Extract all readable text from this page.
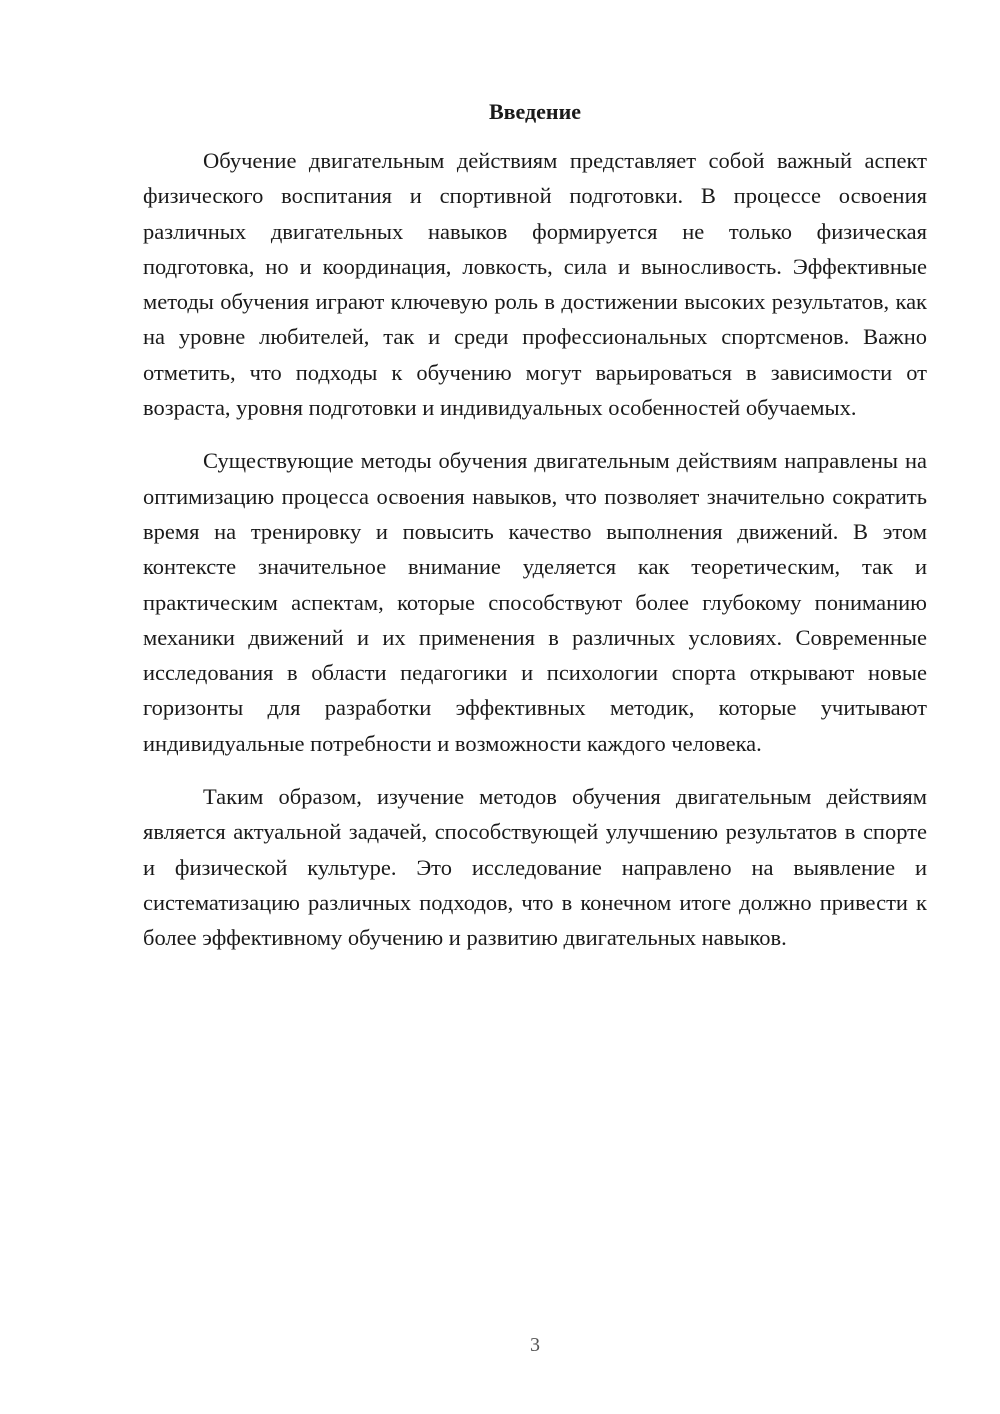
Введение

Обучение двигательным действиям представляет собой важный аспект физического воспитания и спортивной подготовки. В процессе освоения различных двигательных навыков формируется не только физическая подготовка, но и координация, ловкость, сила и выносливость. Эффективные методы обучения играют ключевую роль в достижении высоких результатов, как на уровне любителей, так и среди профессиональных спортсменов. Важно отметить, что подходы к обучению могут варьироваться в зависимости от возраста, уровня подготовки и индивидуальных особенностей обучаемых.

Существующие методы обучения двигательным действиям направлены на оптимизацию процесса освоения навыков, что позволяет значительно сократить время на тренировку и повысить качество выполнения движений. В этом контексте значительное внимание уделяется как теоретическим, так и практическим аспектам, которые способствуют более глубокому пониманию механики движений и их применения в различных условиях. Современные исследования в области педагогики и психологии спорта открывают новые горизонты для разработки эффективных методик, которые учитывают индивидуальные потребности и возможности каждого человека.

Таким образом, изучение методов обучения двигательным действиям является актуальной задачей, способствующей улучшению результатов в спорте и физической культуре. Это исследование направлено на выявление и систематизацию различных подходов, что в конечном итоге должно привести к более эффективному обучению и развитию двигательных навыков.

3
